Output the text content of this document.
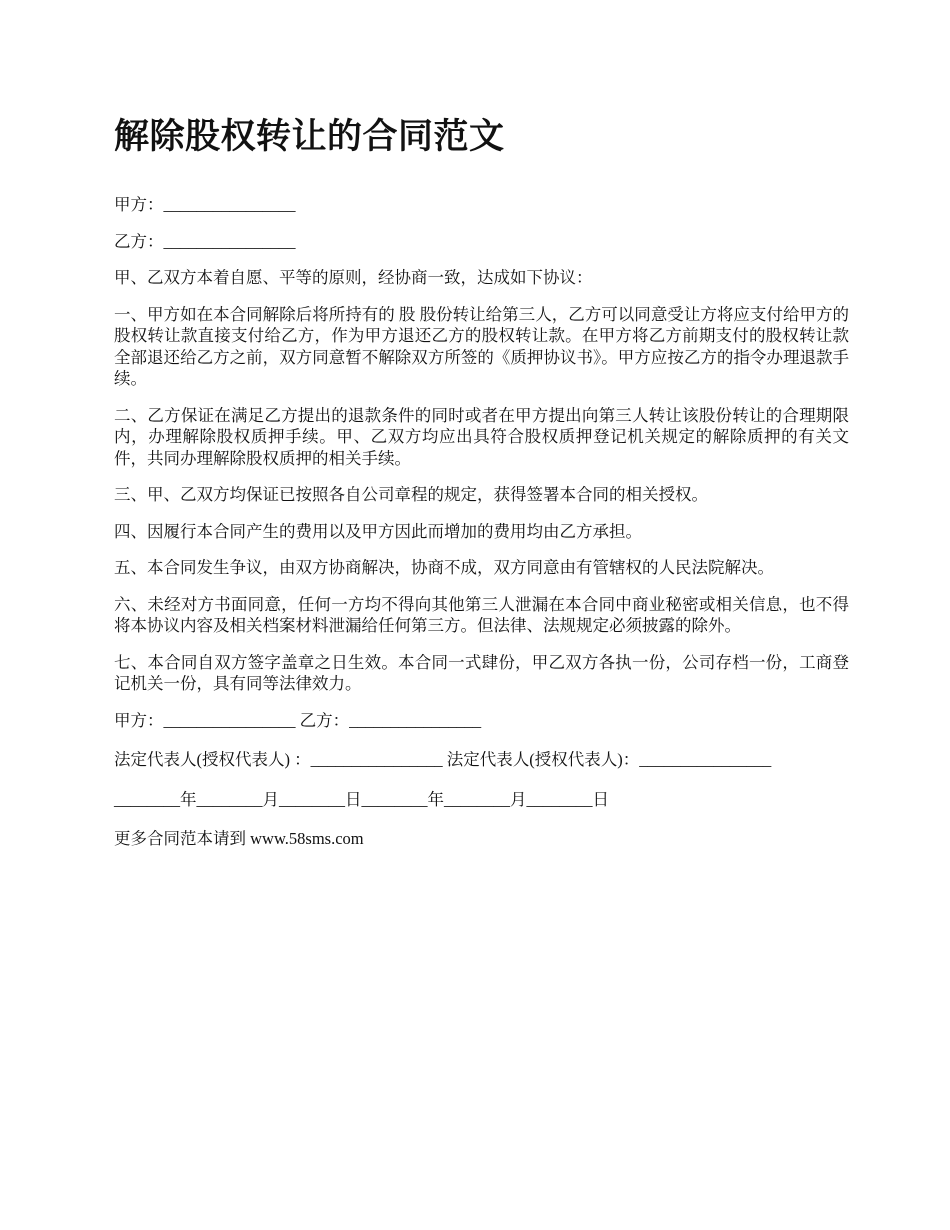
解除股权转让的合同范文

甲方：________________

乙方：________________

甲、乙双方本着自愿、平等的原则，经协商一致，达成如下协议：

一、甲方如在本合同解除后将所持有的 股 股份转让给第三人，乙方可以同意受让方将应支付给甲方的股权转让款直接支付给乙方，作为甲方退还乙方的股权转让款。在甲方将乙方前期支付的股权转让款全部退还给乙方之前，双方同意暂不解除双方所签的《质押协议书》。甲方应按乙方的指令办理退款手续。

二、乙方保证在满足乙方提出的退款条件的同时或者在甲方提出向第三人转让该股份转让的合理期限内，办理解除股权质押手续。甲、乙双方均应出具符合股权质押登记机关规定的解除质押的有关文件，共同办理解除股权质押的相关手续。

三、甲、乙双方均保证已按照各自公司章程的规定，获得签署本合同的相关授权。

四、因履行本合同产生的费用以及甲方因此而增加的费用均由乙方承担。

五、本合同发生争议，由双方协商解决，协商不成，双方同意由有管辖权的人民法院解决。

六、未经对方书面同意，任何一方均不得向其他第三人泄漏在本合同中商业秘密或相关信息，也不得将本协议内容及相关档案材料泄漏给任何第三方。但法律、法规规定必须披露的除外。

七、本合同自双方签字盖章之日生效。本合同一式肆份，甲乙双方各执一份，公司存档一份，工商登记机关一份，具有同等法律效力。

甲方：________________ 乙方：________________

法定代表人(授权代表人) ：________________ 法定代表人(授权代表人)：________________

________年________月________日________年________月________日

更多合同范本请到 www.58sms.com
